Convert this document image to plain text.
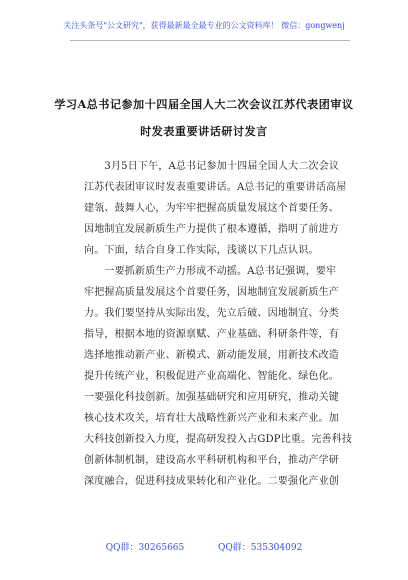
关注头条号"公文研究"，获得最新最全最专业的公文资料库！ 微信：gongwenj
学习A总书记参加十四届全国人大二次会议江苏代表团审议
时发表重要讲话研讨发言
　　3月5日下午，A总书记参加十四届全国人大二次会议
江苏代表团审议时发表重要讲话。A总书记的重要讲话高屋
建瓴、鼓舞人心，为牢牢把握高质量发展这个首要任务、
因地制宜发展新质生产力提供了根本遵循，指明了前进方
向。下面，结合自身工作实际，浅谈以下几点认识。
　　一要抓新质生产力形成不动摇。A总书记强调，要牢
牢把握高质量发展这个首要任务，因地制宜发展新质生产
力。我们要坚持从实际出发，先立后破、因地制宜、分类
指导，根据本地的资源禀赋、产业基础、科研条件等，有
选择地推动新产业、新模式、新动能发展，用新技术改造
提升传统产业，积极促进产业高端化、智能化、绿色化。
一要强化科技创新。加强基础研究和应用研究，推动关键
核心技术攻关，培育壮大战略性新兴产业和未来产业。加
大科技创新投入力度，提高研发投入占GDP比重。完善科技
创新体制机制，建设高水平科研机构和平台，推动产学研
深度融合，促进科技成果转化和产业化。二要强化产业创
QQ群：30265665	QQ群：535304092
